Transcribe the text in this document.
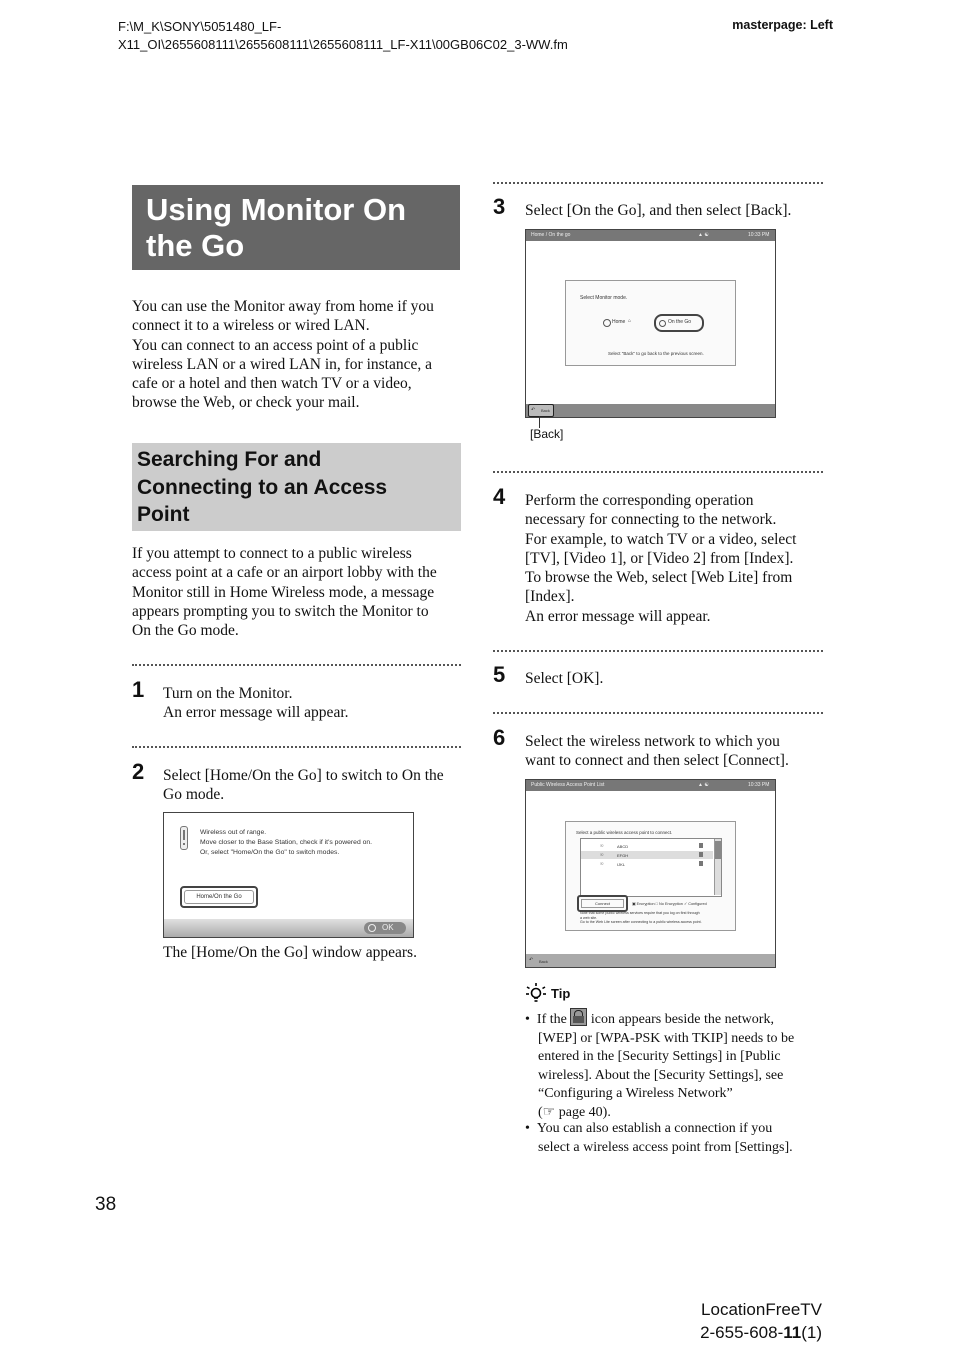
F:\M_K\SONY\5051480_LF-
X11_OI\2655608111\2655608111\2655608111_LF-X11\00GB06C02_3-WW.fm
masterpage: Left
Using Monitor On
the Go
You can use the Monitor away from home if you
connect it to a wireless or wired LAN.
You can connect to an access point of a public
wireless LAN or a wired LAN in, for instance, a
cafe or a hotel and then watch TV or a video,
browse the Web, or check your mail.
Searching For and
Connecting to an Access
Point
If you attempt to connect to a public wireless
access point at a cafe or an airport lobby with the
Monitor still in Home Wireless mode, a message
appears prompting you to switch the Monitor to
On the Go mode.
1 Turn on the Monitor.
An error message will appear.
2 Select [Home/On the Go] to switch to On the
Go mode.
Wireless out of range.
Move closer to the Base Station, check if it's powered on.
Or, select "Home/On the Go" to switch modes.
Home/On the Go
OK
The [Home/On the Go] window appears.
3 Select [On the Go], and then select [Back].
Home / On the go	▲ ☯	10:33 PM
Select Monitor mode.
Home ⌂	On the Go
Select "Back" to go back to the previous screen.
↶ Back
[Back]
4 Perform the corresponding operation
necessary for connecting to the network.
For example, to watch TV or a video, select
[TV], [Video 1], or [Video 2] from [Index].
To browse the Web, select [Web Lite] from
[Index].
An error message will appear.
5 Select [OK].
6 Select the wireless network to which you
want to connect and then select [Connect].
Public Wireless Access Point List	▲ ☯	10:33 PM
Select a public wireless access point to connect.
☉	ABCD
☉	EFGH
☉	IJKL
Connect	▣ Encryption □ No Encryption ✓ Configured
Note that some public wireless services require that you log on first through
a web site.
Go to the Web Lite screen after connecting to a public wireless access point.
↶ Back
Tip
•  If the icon appears beside the network,
[WEP] or [WPA-PSK with TKIP] needs to be
entered in the [Security Settings] in [Public
wireless]. About the [Security Settings], see
“Configuring a Wireless Network”
(☞ page 40).
•  You can also establish a connection if you
select a wireless access point from [Settings].
38
LocationFreeTV
2-655-608-11(1)
